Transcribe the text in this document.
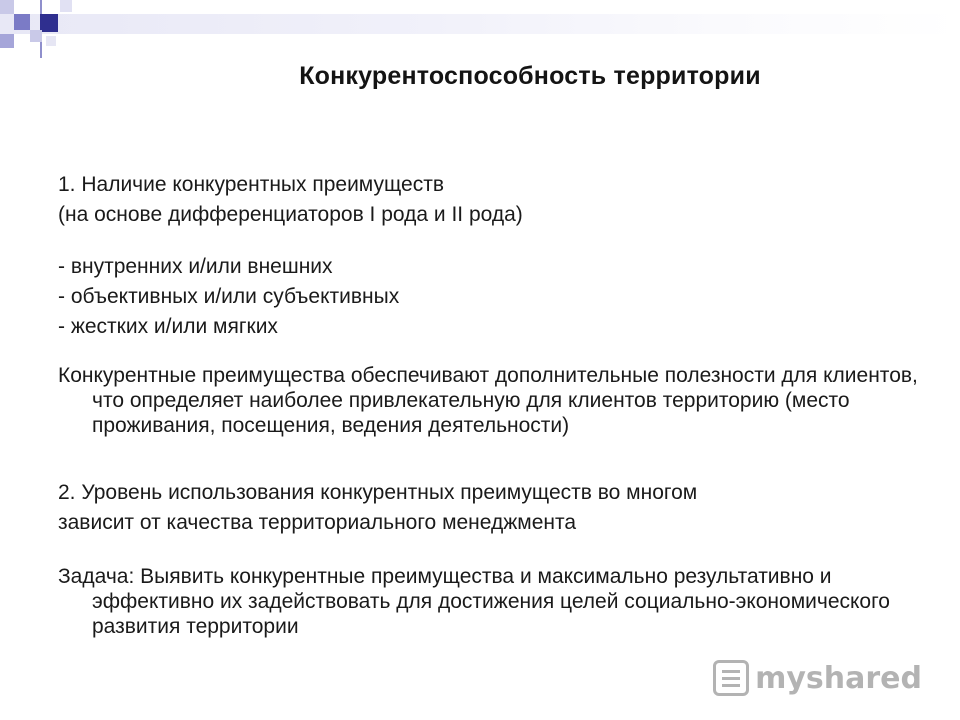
Конкурентоспособность территории

1. Наличие конкурентных преимуществ

(на основе дифференциаторов I рода и II рода)

- внутренних и/или внешних

- объективных и/или субъективных

- жестких и/или мягких

Конкурентные преимущества обеспечивают дополнительные полезности для клиентов, что определяет наиболее привлекательную для клиентов территорию (место проживания, посещения, ведения деятельности)

2. Уровень использования конкурентных преимуществ во многом

зависит от качества территориального менеджмента

Задача: Выявить конкурентные преимущества и максимально результативно и эффективно их задействовать для достижения целей социально-экономического развития территории

myshared
